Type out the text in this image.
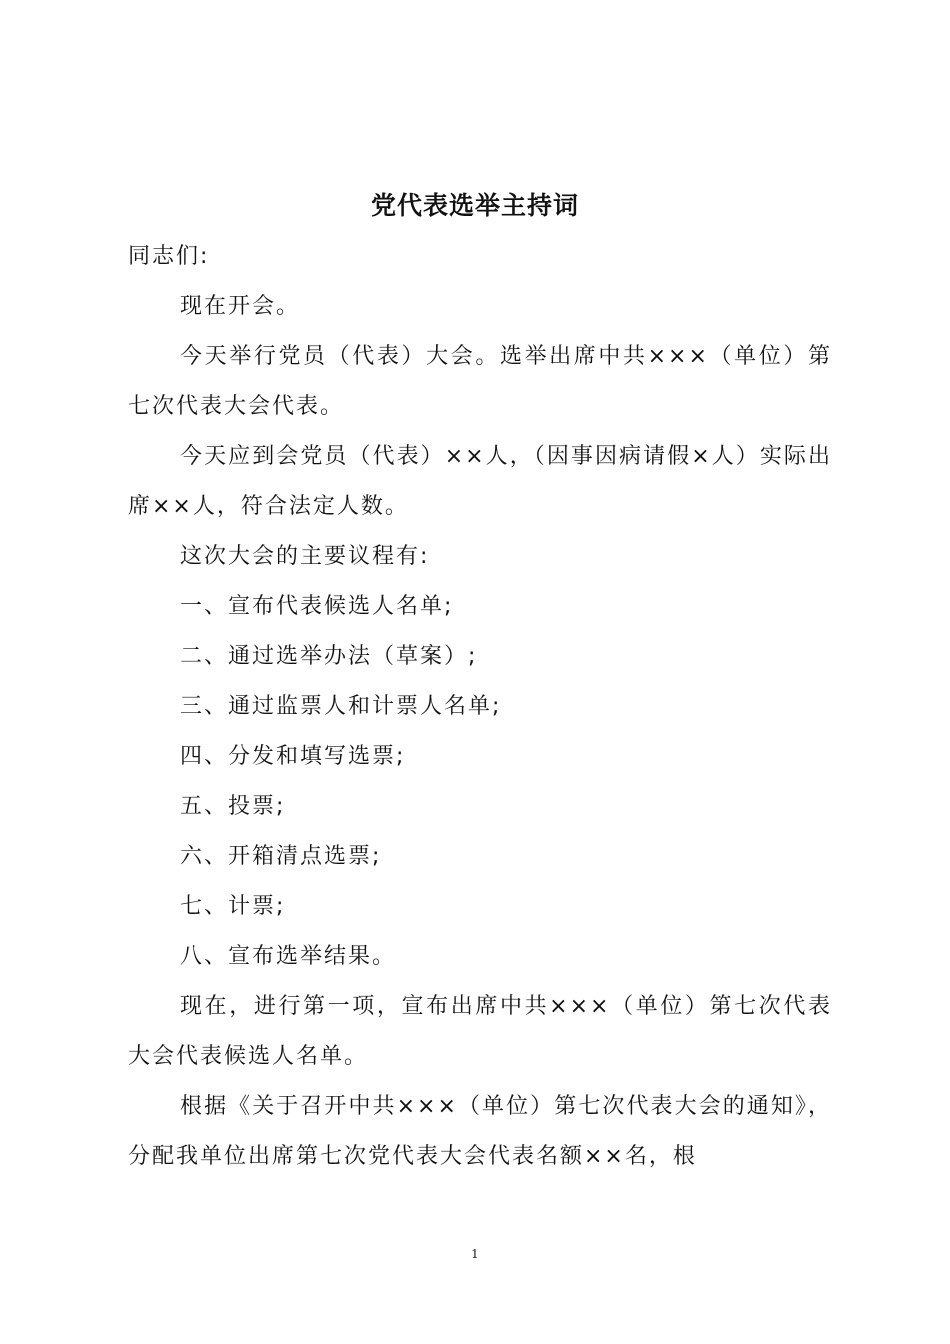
党代表选举主持词

同志们:

现在开会。

今天举行党员（代表）大会。选举出席中共×××（单位）第七次代表大会代表。

今天应到会党员（代表）××人，（因事因病请假×人）实际出席××人，符合法定人数。

这次大会的主要议程有:

一、宣布代表候选人名单;

二、通过选举办法（草案）;

三、通过监票人和计票人名单;

四、分发和填写选票;

五、投票;

六、开箱清点选票;

七、计票;

八、宣布选举结果。

现在，进行第一项，宣布出席中共×××（单位）第七次代表大会代表候选人名单。

根据《关于召开中共×××（单位）第七次代表大会的通知》，分配我单位出席第七次党代表大会代表名额××名，根

1
